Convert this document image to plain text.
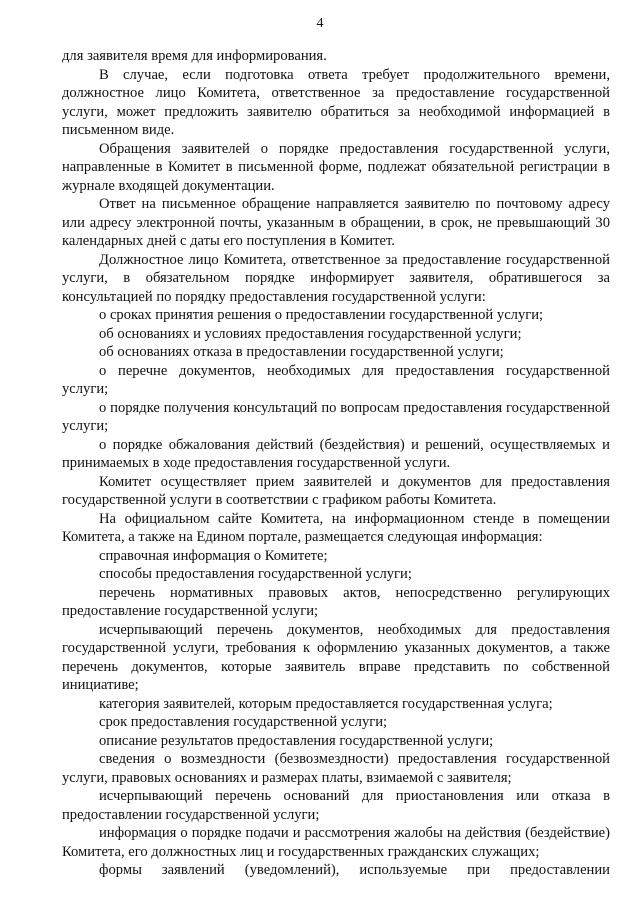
4

для заявителя время для информирования.

В случае, если подготовка ответа требует продолжительного времени, должностное лицо Комитета, ответственное за предоставление государственной услуги, может предложить заявителю обратиться за необходимой информацией в письменном виде.

Обращения заявителей о порядке предоставления государственной услуги, направленные в Комитет в письменной форме, подлежат обязательной регистрации в журнале входящей документации.

Ответ на письменное обращение направляется заявителю по почтовому адресу или адресу электронной почты, указанным в обращении, в срок, не превышающий 30 календарных дней с даты его поступления в Комитет.

Должностное лицо Комитета, ответственное за предоставление государственной услуги, в обязательном порядке информирует заявителя, обратившегося за консультацией по порядку предоставления государственной услуги:

о сроках принятия решения о предоставлении государственной услуги;

об основаниях и условиях предоставления государственной услуги;

об основаниях отказа в предоставлении государственной услуги;

о перечне документов, необходимых для предоставления государственной услуги;

о порядке получения консультаций по вопросам предоставления государственной услуги;

о порядке обжалования действий (бездействия) и решений, осуществляемых и принимаемых в ходе предоставления государственной услуги.

Комитет осуществляет прием заявителей и документов для предоставления государственной услуги в соответствии с графиком работы Комитета.

На официальном сайте Комитета, на информационном стенде в помещении Комитета, а также на Едином портале, размещается следующая информация:

справочная информация о Комитете;

способы предоставления государственной услуги;

перечень нормативных правовых актов, непосредственно регулирующих предоставление государственной услуги;

исчерпывающий перечень документов, необходимых для предоставления государственной услуги, требования к оформлению указанных документов, а также перечень документов, которые заявитель вправе представить по собственной инициативе;

категория заявителей, которым предоставляется государственная услуга;

срок предоставления государственной услуги;

описание результатов предоставления государственной услуги;

сведения о возмездности (безвозмездности) предоставления государственной услуги, правовых основаниях и размерах платы, взимаемой с заявителя;

исчерпывающий перечень оснований для приостановления или отказа в предоставлении государственной услуги;

информация о порядке подачи и рассмотрения жалобы на действия (бездействие) Комитета, его должностных лиц и государственных гражданских служащих;

формы заявлений (уведомлений), используемые при предоставлении
